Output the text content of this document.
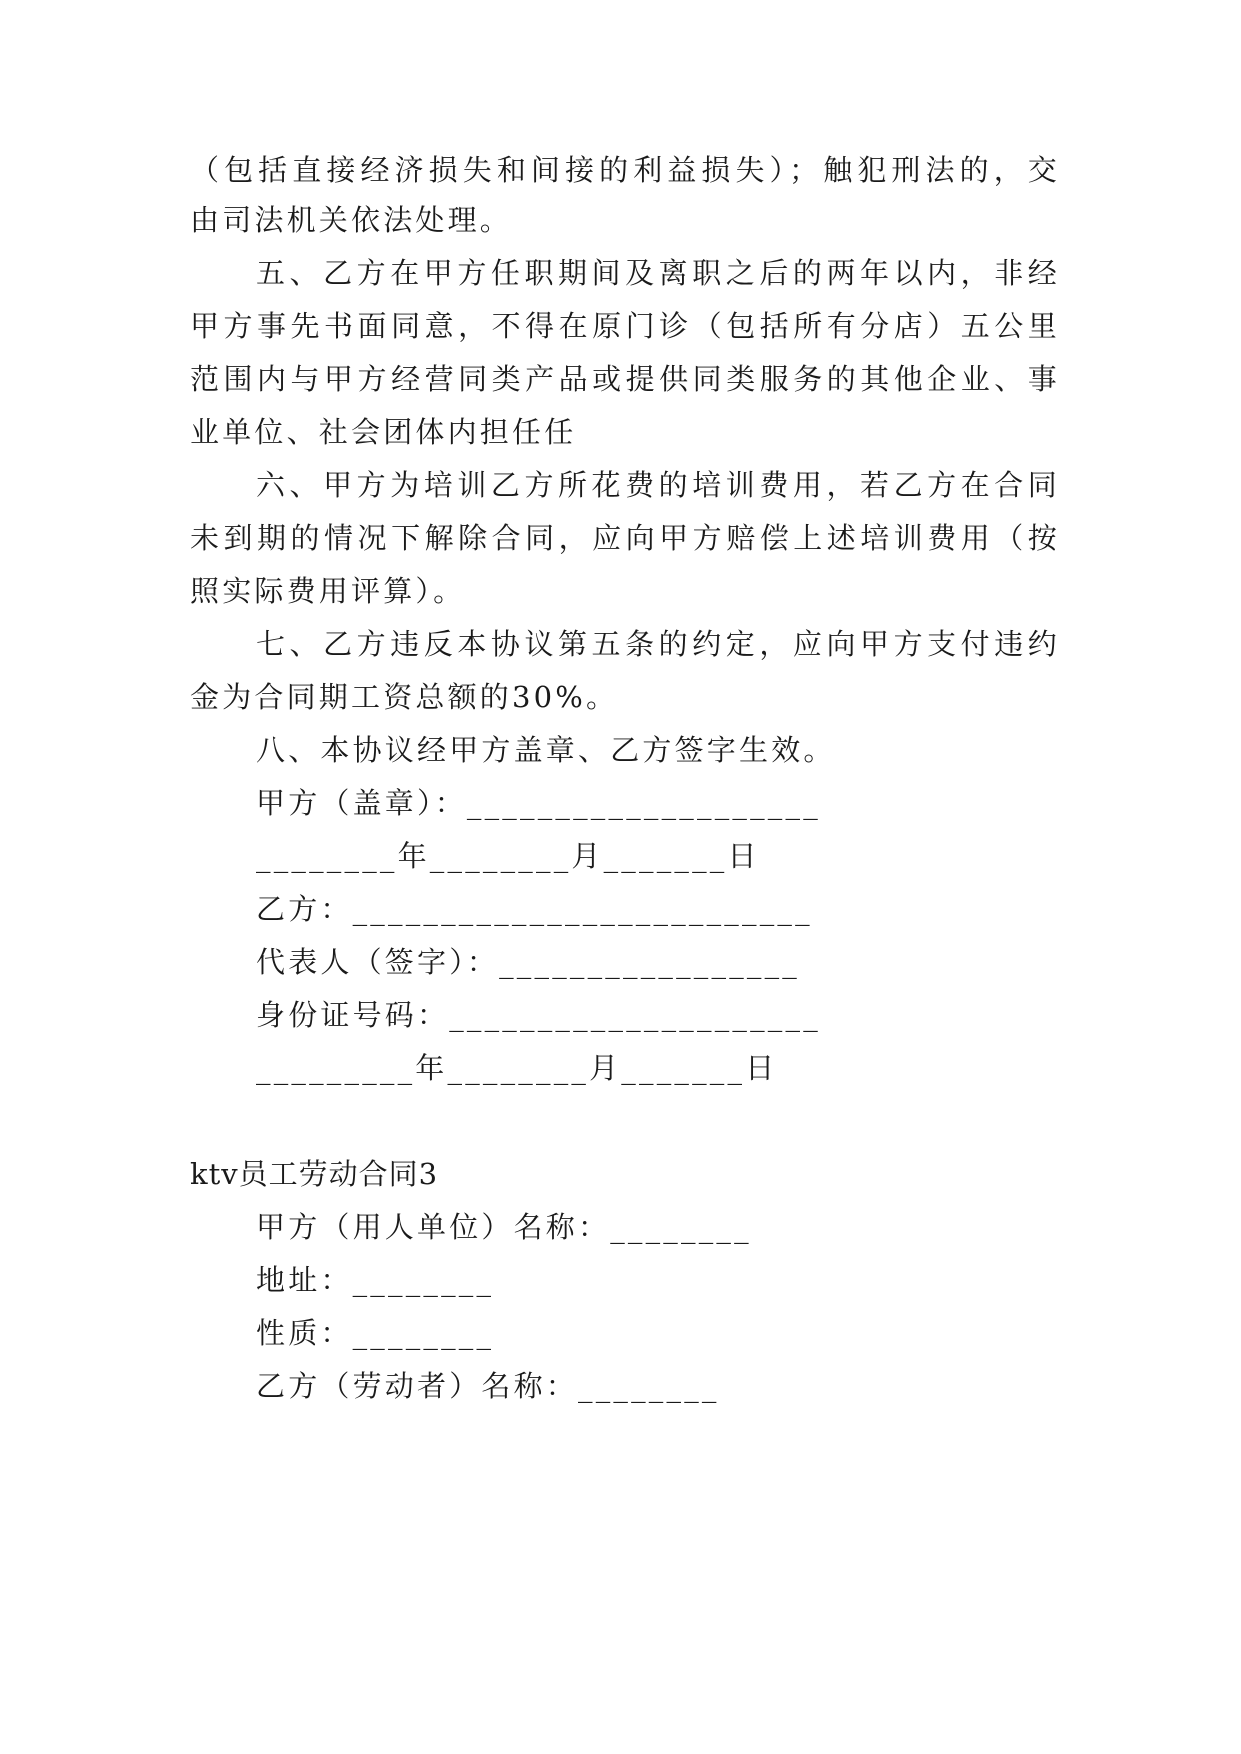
（包括直接经济损失和间接的利益损失）；触犯刑法的，交
由司法机关依法处理。
五、乙方在甲方任职期间及离职之后的两年以内，非经
甲方事先书面同意，不得在原门诊（包括所有分店）五公里
范围内与甲方经营同类产品或提供同类服务的其他企业、事
业单位、社会团体内担任任
六、甲方为培训乙方所花费的培训费用，若乙方在合同
未到期的情况下解除合同，应向甲方赔偿上述培训费用（按
照实际费用评算）。
七、乙方违反本协议第五条的约定，应向甲方支付违约
金为合同期工资总额的30%。
八、本协议经甲方盖章、乙方签字生效。
甲方（盖章）：____________________
________年________月_______日
乙方：__________________________
代表人（签字）：_________________
身份证号码：_____________________
_________年________月_______日
ktv员工劳动合同3
甲方（用人单位）名称：________
地址：________
性质：________
乙方（劳动者）名称：________
